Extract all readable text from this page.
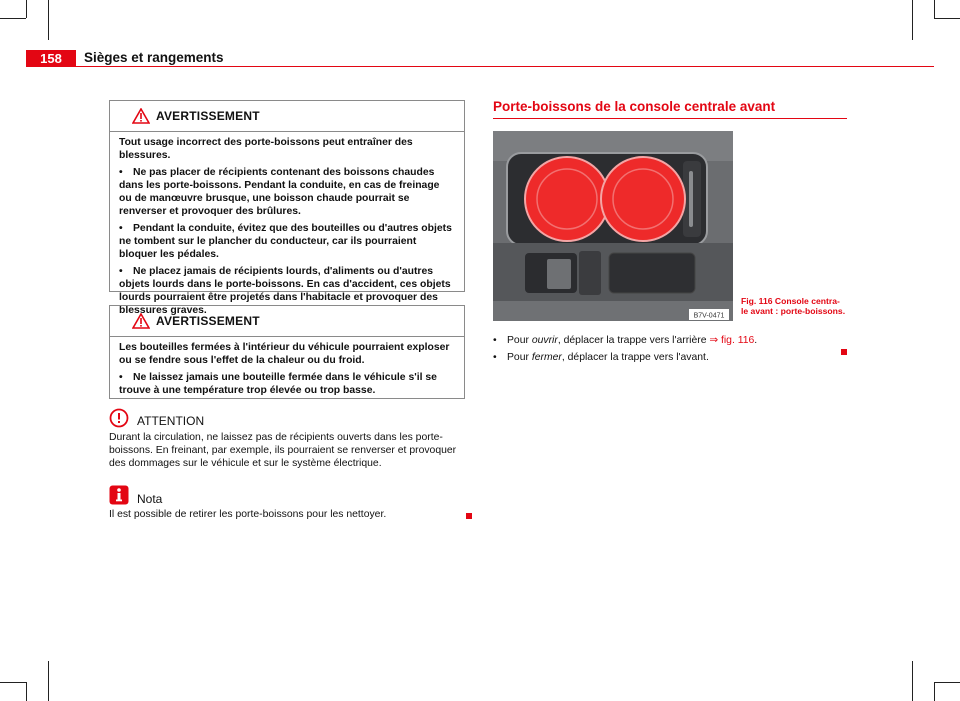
158	Sièges et rangements
AVERTISSEMENT

Tout usage incorrect des porte-boissons peut entraîner des blessures.

• Ne pas placer de récipients contenant des boissons chaudes dans les porte-boissons. Pendant la conduite, en cas de freinage ou de manœuvre brusque, une boisson chaude pourrait se renverser et provoquer des brûlures.

• Pendant la conduite, évitez que des bouteilles ou d'autres objets ne tombent sur le plancher du conducteur, car ils pourraient bloquer les pédales.

• Ne placez jamais de récipients lourds, d'aliments ou d'autres objets lourds dans le porte-boissons. En cas d'accident, ces objets lourds pourraient être projetés dans l'habitacle et provoquer des blessures graves.

AVERTISSEMENT

Les bouteilles fermées à l'intérieur du véhicule pourraient exploser ou se fendre sous l'effet de la chaleur ou du froid.

• Ne laissez jamais une bouteille fermée dans le véhicule s'il se trouve à une température trop élevée ou trop basse.

ATTENTION
Durant la circulation, ne laissez pas de récipients ouverts dans les porte-boissons. En freinant, par exemple, ils pourraient se renverser et provoquer des dommages sur le véhicule et sur le système électrique.
Nota
Il est possible de retirer les porte-boissons pour les nettoyer.
Porte-boissons de la console centrale avant
B7V-0471
Fig. 116 Console centra-
le avant : porte-boissons.
• Pour ouvrir, déplacer la trappe vers l'arrière ⇒ fig. 116.
• Pour fermer, déplacer la trappe vers l'avant.
